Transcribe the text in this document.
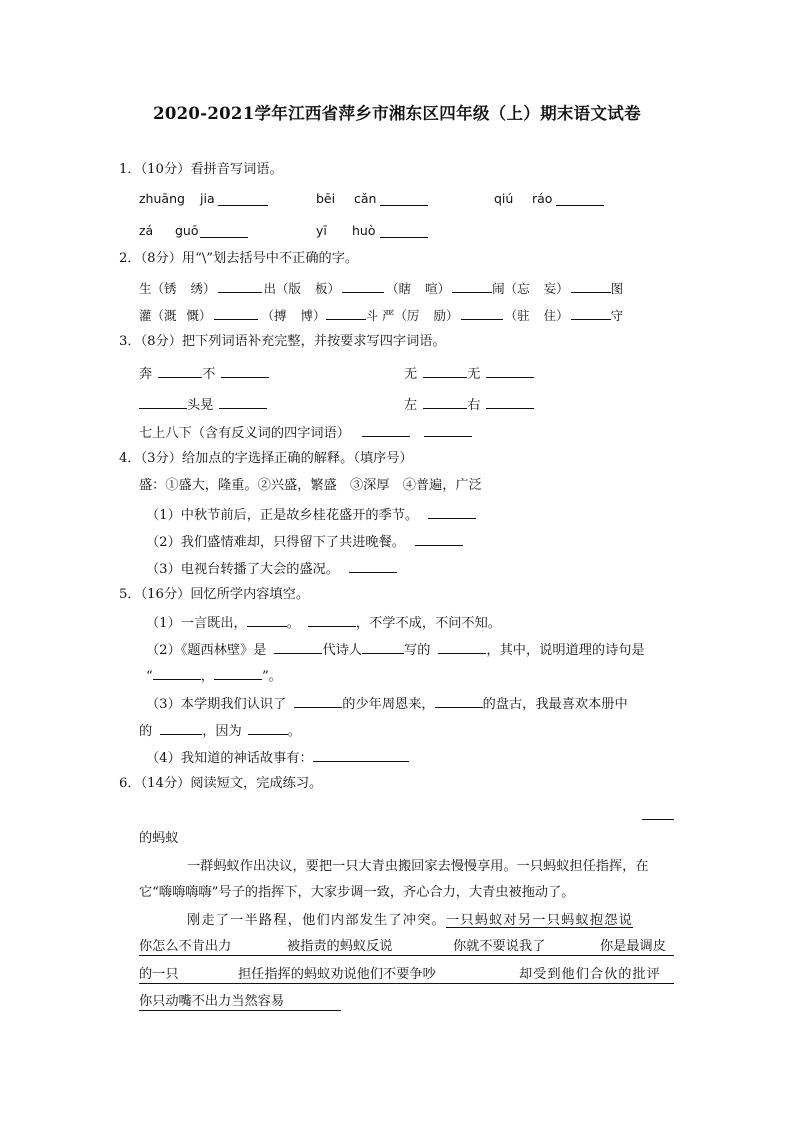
2020-2021学年江西省萍乡市湘东区四年级（上）期末语文试卷
1．（10分）看拼音写词语。
zhuāng jia	bēi cǎn	qiú ráo
zá guō	yī huò
2．（8分）用“\”划去括号中不正确的字。
生（锈 绣）	出（版 板）	（瞎 喧）	闹（忘 妄）	图
灌（溉 慨）	（搏 博）	斗 严（厉 励）	（驻 住）	守
3．（8分）把下列词语补充完整，并按要求写四字词语。
奔	不	无	无
头晃	左	右
七上八下（含有反义词的四字词语）
4．（3分）给加点的字选择正确的解释。（填序号）
盛：①盛大，隆重。②兴盛，繁盛　③深厚　④普遍，广泛
（1）中秋节前后，正是故乡桂花盛开的季节。
（2）我们盛情难却，只得留下了共进晚餐。
（3）电视台转播了大会的盛况。
5．（16分）回忆所学内容填空。
（1）一言既出，	。	，不学不成，不问不知。
（2）《题西林壁》是	代诗人	写的	，其中，说明道理的诗句是
“	，	”。
（3）本学期我们认识了	的少年周恩来，	的盘古，我最喜欢本册中
的	，因为	。
（4）我知道的神话故事有：
6．（14分）阅读短文，完成练习。
的蚂蚁
一群蚂蚁作出决议，要把一只大青虫搬回家去慢慢享用。一只蚂蚁担任指挥，在
它“嗨嗨嗨嗨”号子的指挥下，大家步调一致，齐心合力，大青虫被拖动了。
刚走了一半路程，他们内部发生了冲突。一只蚂蚁对另一只蚂蚁抱怨说
你怎么不肯出力	被指责的蚂蚁反说	你就不要说我了	你是最调皮
的一只	担任指挥的蚂蚁劝说他们不要争吵	却受到他们合伙的批评
你只动嘴不出力当然容易
